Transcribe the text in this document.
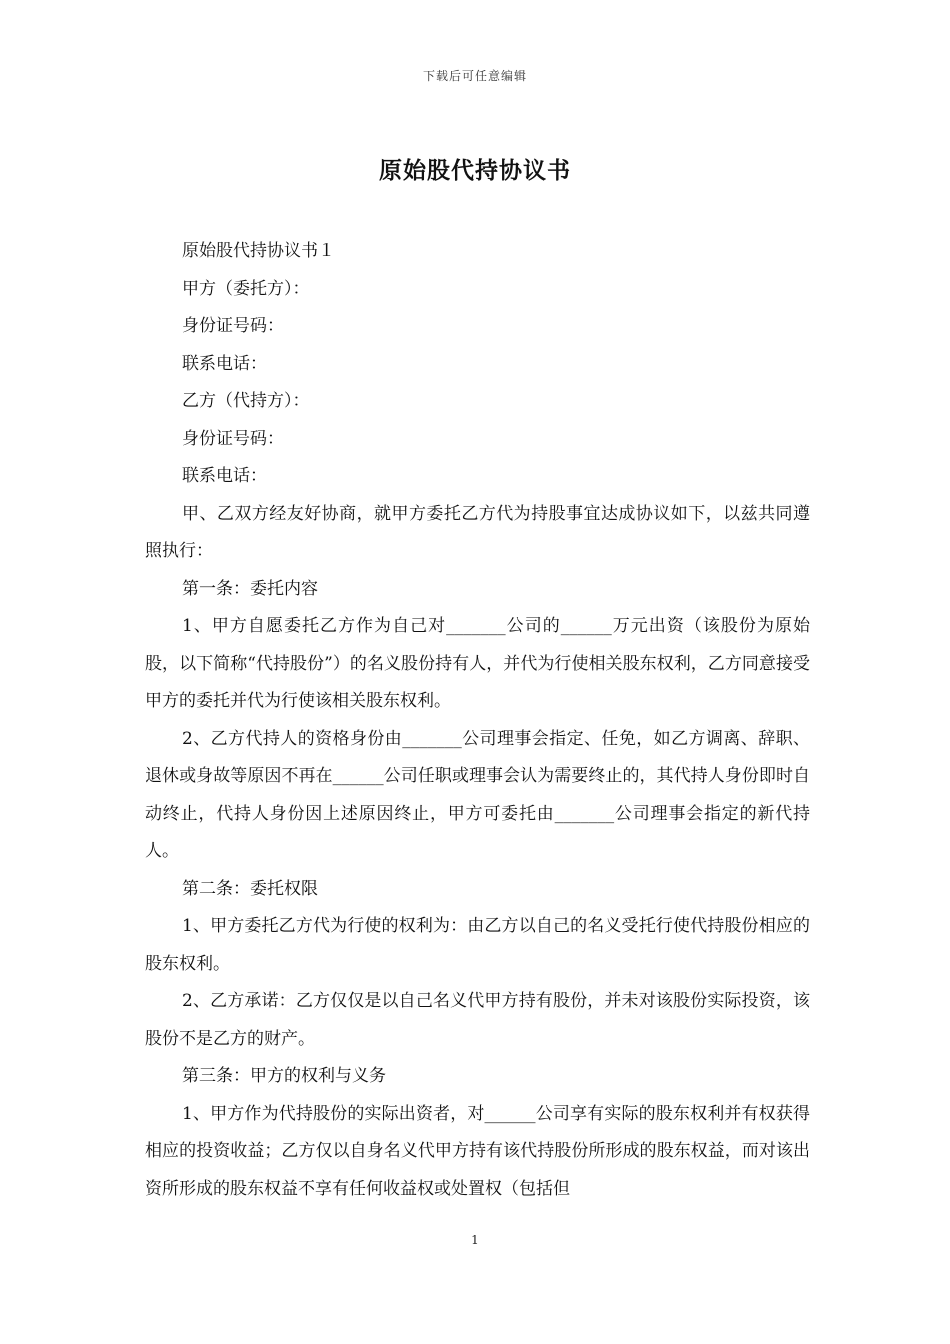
下载后可任意编辑
原始股代持协议书

原始股代持协议书１

甲方（委托方）：

身份证号码：

联系电话：

乙方（代持方）：

身份证号码：

联系电话：

甲、乙双方经友好协商，就甲方委托乙方代为持股事宜达成协议如下，以兹共同遵照执行：

第一条：委托内容

1、甲方自愿委托乙方作为自己对_______公司的______万元出资（该股份为原始股，以下简称“代持股份”）的名义股份持有人，并代为行使相关股东权利，乙方同意接受甲方的委托并代为行使该相关股东权利。

2、乙方代持人的资格身份由_______公司理事会指定、任免，如乙方调离、辞职、退休或身故等原因不再在______公司任职或理事会认为需要终止的，其代持人身份即时自动终止，代持人身份因上述原因终止，甲方可委托由_______公司理事会指定的新代持人。

第二条：委托权限

1、甲方委托乙方代为行使的权利为：由乙方以自己的名义受托行使代持股份相应的股东权利。

2、乙方承诺：乙方仅仅是以自己名义代甲方持有股份，并未对该股份实际投资，该股份不是乙方的财产。

第三条：甲方的权利与义务

1、甲方作为代持股份的实际出资者，对______公司享有实际的股东权利并有权获得相应的投资收益；乙方仅以自身名义代甲方持有该代持股份所形成的股东权益，而对该出资所形成的股东权益不享有任何收益权或处置权（包括但

1
